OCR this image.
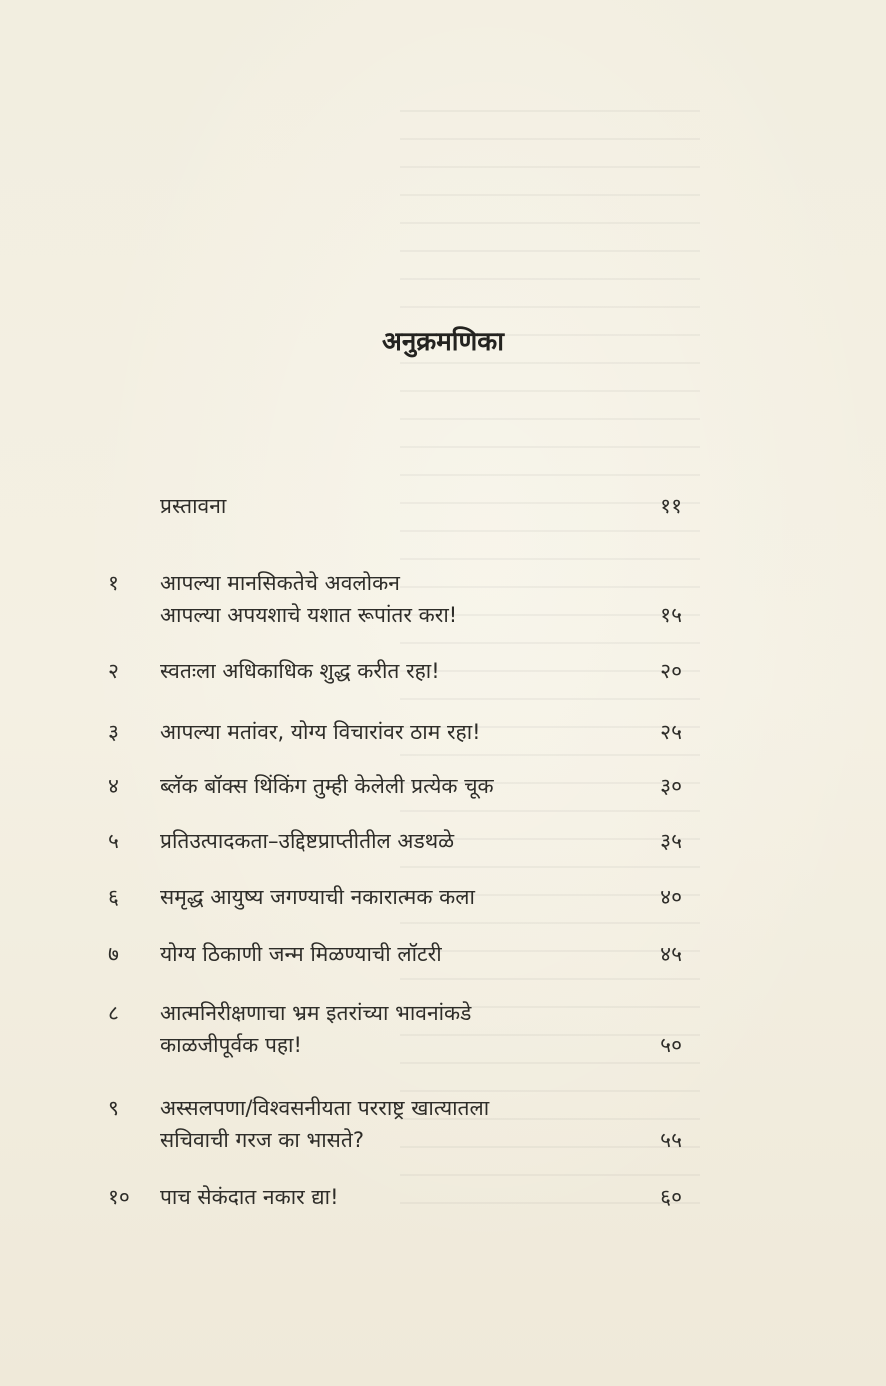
अनुक्रमणिका
प्रस्तावना	११
१	आपल्या मानसिकतेचे अवलोकन
आपल्या अपयशाचे यशात रूपांतर करा!	१५
२	स्वतःला अधिकाधिक शुद्ध करीत रहा!	२०
३	आपल्या मतांवर, योग्य विचारांवर ठाम रहा!	२५
४	ब्लॅक बॉक्स थिंकिंग तुम्ही केलेली प्रत्येक चूक	३०
५	प्रतिउत्पादकता–उद्दिष्टप्राप्तीतील अडथळे	३५
६	समृद्ध आयुष्य जगण्याची नकारात्मक कला	४०
७	योग्य ठिकाणी जन्म मिळण्याची लॉटरी	४५
८	आत्मनिरीक्षणाचा भ्रम इतरांच्या भावनांकडे
काळजीपूर्वक पहा!	५०
९	अस्सलपणा/विश्वसनीयता परराष्ट्र खात्यातला
सचिवाची गरज का भासते?	५५
१०	पाच सेकंदात नकार द्या!	६०
